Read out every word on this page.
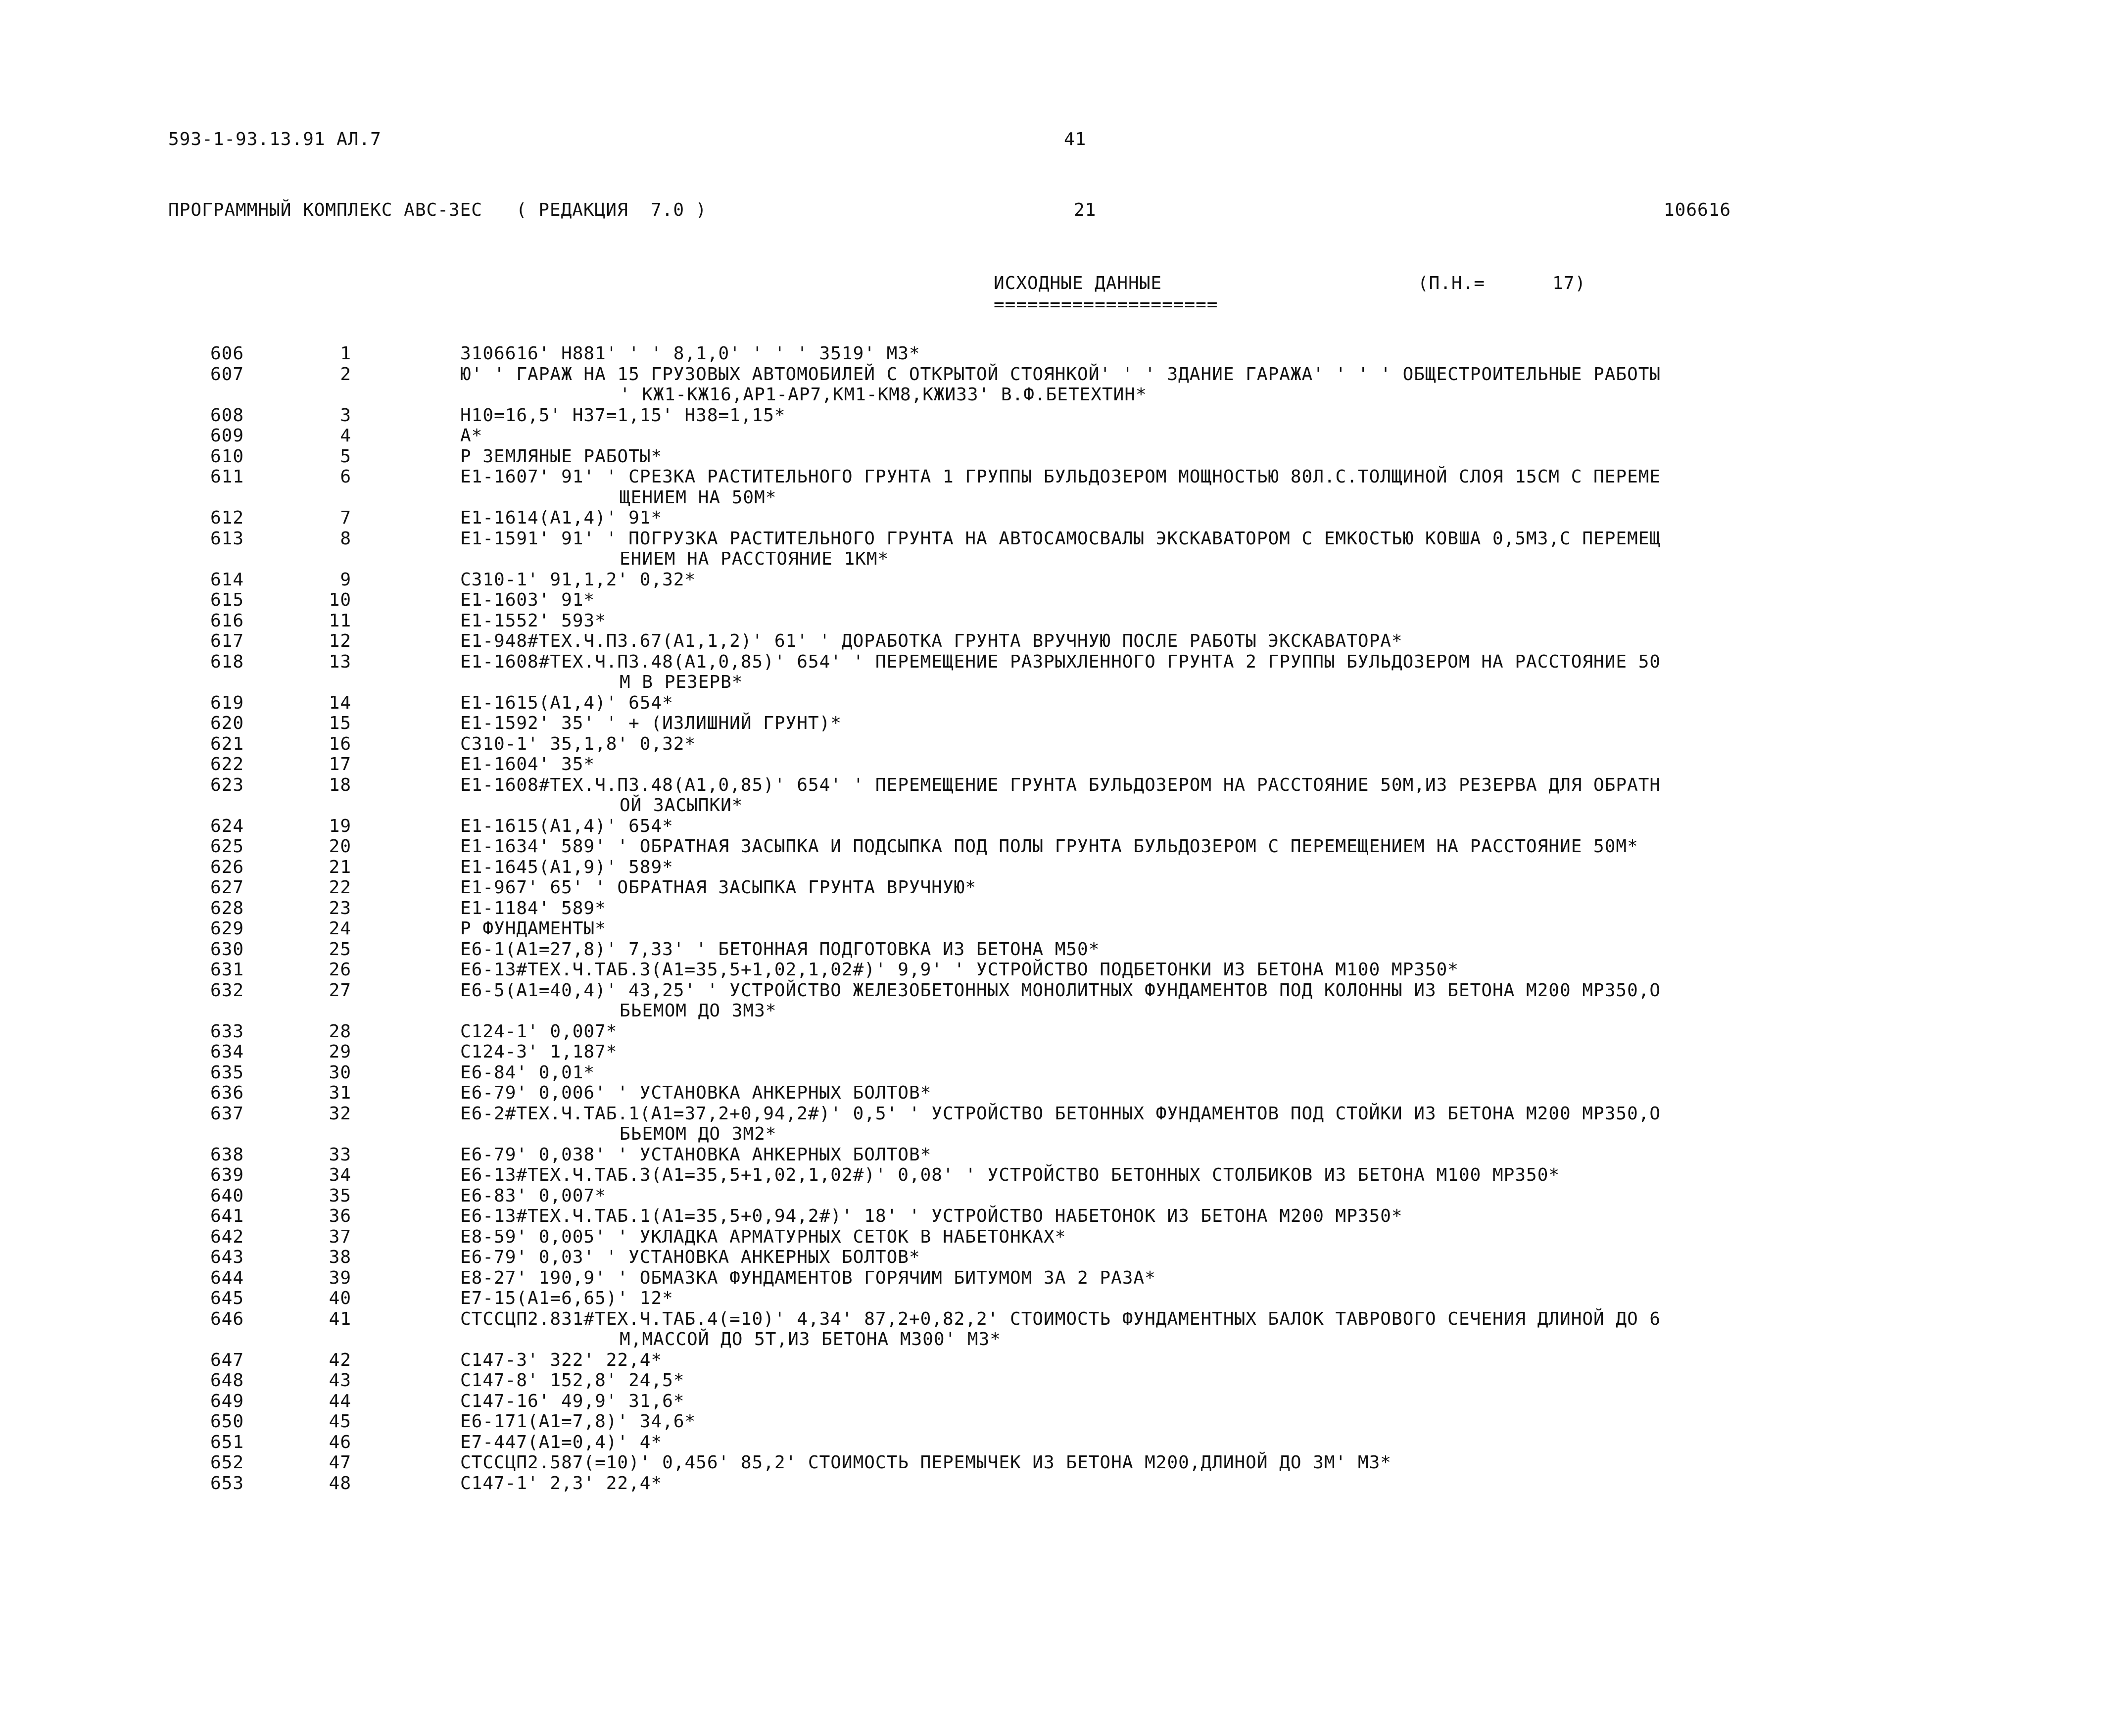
593-1-93.13.91 АЛ.7	41
ПРОГРАММНЫЙ КОМПЛЕКС АВС-3ЕС   ( РЕДАКЦИЯ  7.0 )	21	106616
ИСХОДНЫЕ ДАННЫЕ
====================
(П.Н.=      17)
606	1	3106616' Н881' ' ' 8,1,0' ' ' ' 3519' М3*
607	2	Ю' ' ГАРАЖ НА 15 ГРУЗОВЫХ АВТОМОБИЛЕЙ С ОТКРЫТОЙ СТОЯНКОЙ' ' ' ЗДАНИЕ ГАРАЖА' ' ' ' ОБЩЕСТРОИТЕЛЬНЫЕ РАБОТЫ
' КЖ1-КЖ16,АР1-АР7,КМ1-КМ8,КЖИ33' В.Ф.БЕТЕХТИН*
608	3	Н10=16,5' Н37=1,15' Н38=1,15*
609	4	А*
610	5	Р ЗЕМЛЯНЫЕ РАБОТЫ*
611	6	Е1-1607' 91' ' СРЕЗКА РАСТИТЕЛЬНОГО ГРУНТА 1 ГРУППЫ БУЛЬДОЗЕРОМ МОЩНОСТЬЮ 80Л.С.ТОЛЩИНОЙ СЛОЯ 15СМ С ПЕРЕМЕ
ЩЕНИЕМ НА 50М*
612	7	Е1-1614(А1,4)' 91*
613	8	Е1-1591' 91' ' ПОГРУЗКА РАСТИТЕЛЬНОГО ГРУНТА НА АВТОСАМОСВАЛЫ ЭКСКАВАТОРОМ С ЕМКОСТЬЮ КОВША 0,5М3,С ПЕРЕМЕЩ
ЕНИЕМ НА РАССТОЯНИЕ 1КМ*
614	9	С310-1' 91,1,2' 0,32*
615	10	Е1-1603' 91*
616	11	Е1-1552' 593*
617	12	Е1-948#ТЕХ.Ч.П3.67(А1,1,2)' 61' ' ДОРАБОТКА ГРУНТА ВРУЧНУЮ ПОСЛЕ РАБОТЫ ЭКСКАВАТОРА*
618	13	Е1-1608#ТЕХ.Ч.П3.48(А1,0,85)' 654' ' ПЕРЕМЕЩЕНИЕ РАЗРЫХЛЕННОГО ГРУНТА 2 ГРУППЫ БУЛЬДОЗЕРОМ НА РАССТОЯНИЕ 50
М В РЕЗЕРВ*
619	14	Е1-1615(А1,4)' 654*
620	15	Е1-1592' 35' ' + (ИЗЛИШНИЙ ГРУНТ)*
621	16	С310-1' 35,1,8' 0,32*
622	17	Е1-1604' 35*
623	18	Е1-1608#ТЕХ.Ч.П3.48(А1,0,85)' 654' ' ПЕРЕМЕЩЕНИЕ ГРУНТА БУЛЬДОЗЕРОМ НА РАССТОЯНИЕ 50М,ИЗ РЕЗЕРВА ДЛЯ ОБРАТН
ОЙ ЗАСЫПКИ*
624	19	Е1-1615(А1,4)' 654*
625	20	Е1-1634' 589' ' ОБРАТНАЯ ЗАСЫПКА И ПОДСЫПКА ПОД ПОЛЫ ГРУНТА БУЛЬДОЗЕРОМ С ПЕРЕМЕЩЕНИЕМ НА РАССТОЯНИЕ 50М*
626	21	Е1-1645(А1,9)' 589*
627	22	Е1-967' 65' ' ОБРАТНАЯ ЗАСЫПКА ГРУНТА ВРУЧНУЮ*
628	23	Е1-1184' 589*
629	24	Р ФУНДАМЕНТЫ*
630	25	Е6-1(А1=27,8)' 7,33' ' БЕТОННАЯ ПОДГОТОВКА ИЗ БЕТОНА М50*
631	26	Е6-13#ТЕХ.Ч.ТАБ.3(А1=35,5+1,02,1,02#)' 9,9' ' УСТРОЙСТВО ПОДБЕТОНКИ ИЗ БЕТОНА М100 МР350*
632	27	Е6-5(А1=40,4)' 43,25' ' УСТРОЙСТВО ЖЕЛЕЗОБЕТОННЫХ МОНОЛИТНЫХ ФУНДАМЕНТОВ ПОД КОЛОННЫ ИЗ БЕТОНА М200 МР350,О
БЬЕМОМ ДО 3М3*
633	28	С124-1' 0,007*
634	29	С124-3' 1,187*
635	30	Е6-84' 0,01*
636	31	Е6-79' 0,006' ' УСТАНОВКА АНКЕРНЫХ БОЛТОВ*
637	32	Е6-2#ТЕХ.Ч.ТАБ.1(А1=37,2+0,94,2#)' 0,5' ' УСТРОЙСТВО БЕТОННЫХ ФУНДАМЕНТОВ ПОД СТОЙКИ ИЗ БЕТОНА М200 МР350,О
БЬЕМОМ ДО 3М2*
638	33	Е6-79' 0,038' ' УСТАНОВКА АНКЕРНЫХ БОЛТОВ*
639	34	Е6-13#ТЕХ.Ч.ТАБ.3(А1=35,5+1,02,1,02#)' 0,08' ' УСТРОЙСТВО БЕТОННЫХ СТОЛБИКОВ ИЗ БЕТОНА М100 МР350*
640	35	Е6-83' 0,007*
641	36	Е6-13#ТЕХ.Ч.ТАБ.1(А1=35,5+0,94,2#)' 18' ' УСТРОЙСТВО НАБЕТОНОК ИЗ БЕТОНА М200 МР350*
642	37	Е8-59' 0,005' ' УКЛАДКА АРМАТУРНЫХ СЕТОК В НАБЕТОНКАХ*
643	38	Е6-79' 0,03' ' УСТАНОВКА АНКЕРНЫХ БОЛТОВ*
644	39	Е8-27' 190,9' ' ОБМАЗКА ФУНДАМЕНТОВ ГОРЯЧИМ БИТУМОМ ЗА 2 РАЗА*
645	40	Е7-15(А1=6,65)' 12*
646	41	СТССЦП2.831#ТЕХ.Ч.ТАБ.4(=10)' 4,34' 87,2+0,82,2' СТОИМОСТЬ ФУНДАМЕНТНЫХ БАЛОК ТАВРОВОГО СЕЧЕНИЯ ДЛИНОЙ ДО 6
М,МАССОЙ ДО 5Т,ИЗ БЕТОНА М300' М3*
647	42	С147-3' 322' 22,4*
648	43	С147-8' 152,8' 24,5*
649	44	С147-16' 49,9' 31,6*
650	45	Е6-171(А1=7,8)' 34,6*
651	46	Е7-447(А1=0,4)' 4*
652	47	СТССЦП2.587(=10)' 0,456' 85,2' СТОИМОСТЬ ПЕРЕМЫЧЕК ИЗ БЕТОНА М200,ДЛИНОЙ ДО 3М' М3*
653	48	С147-1' 2,3' 22,4*
